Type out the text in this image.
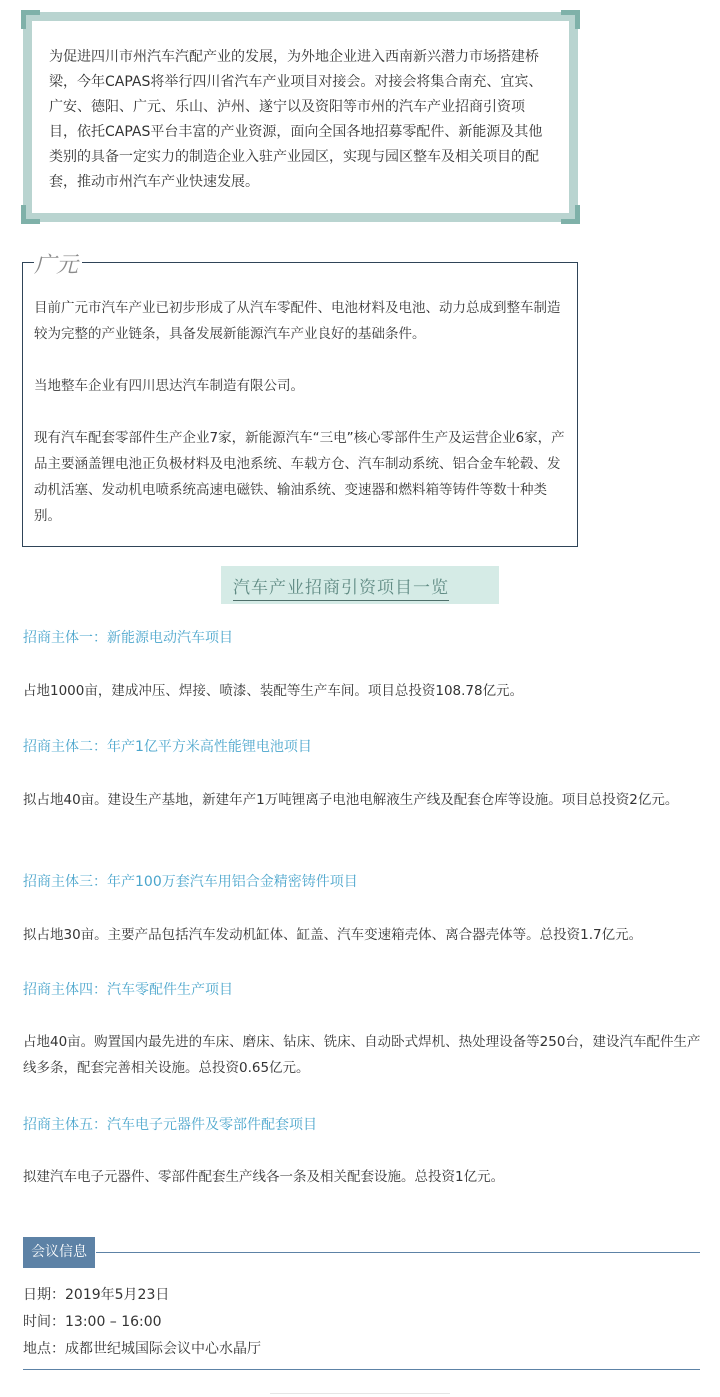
为促进四川市州汽车汽配产业的发展，为外地企业进入西南新兴潜力市场搭建桥梁，今年CAPAS将举行四川省汽车产业项目对接会。对接会将集合南充、宜宾、广安、德阳、广元、乐山、泸州、遂宁以及资阳等市州的汽车产业招商引资项目，依托CAPAS平台丰富的产业资源，面向全国各地招募零配件、新能源及其他类别的具备一定实力的制造企业入驻产业园区，实现与园区整车及相关项目的配套，推动市州汽车产业快速发展。
广元

目前广元市汽车产业已初步形成了从汽车零配件、电池材料及电池、动力总成到整车制造较为完整的产业链条，具备发展新能源汽车产业良好的基础条件。

当地整车企业有四川思达汽车制造有限公司。

现有汽车配套零部件生产企业7家，新能源汽车“三电”核心零部件生产及运营企业6家，产品主要涵盖锂电池正负极材料及电池系统、车载方仓、汽车制动系统、铝合金车轮毂、发动机活塞、发动机电喷系统高速电磁铁、输油系统、变速器和燃料箱等铸件等数十种类别。

汽车产业招商引资项目一览
招商主体一：新能源电动汽车项目
占地1000亩，建成冲压、焊接、喷漆、装配等生产车间。项目总投资108.78亿元。
招商主体二：年产1亿平方米高性能锂电池项目
拟占地40亩。建设生产基地，新建年产1万吨锂离子电池电解液生产线及配套仓库等设施。项目总投资2亿元。
招商主体三：年产100万套汽车用铝合金精密铸件项目
拟占地30亩。主要产品包括汽车发动机缸体、缸盖、汽车变速箱壳体、离合器壳体等。总投资1.7亿元。
招商主体四：汽车零配件生产项目
占地40亩。购置国内最先进的车床、磨床、钻床、铣床、自动卧式焊机、热处理设备等250台，建设汽车配件生产线多条，配套完善相关设施。总投资0.65亿元。
招商主体五：汽车电子元器件及零部件配套项目
拟建汽车电子元器件、零部件配套生产线各一条及相关配套设施。总投资1亿元。
会议信息
日期：2019年5月23日
时间：13:00 – 16:00
地点：成都世纪城国际会议中心水晶厅
